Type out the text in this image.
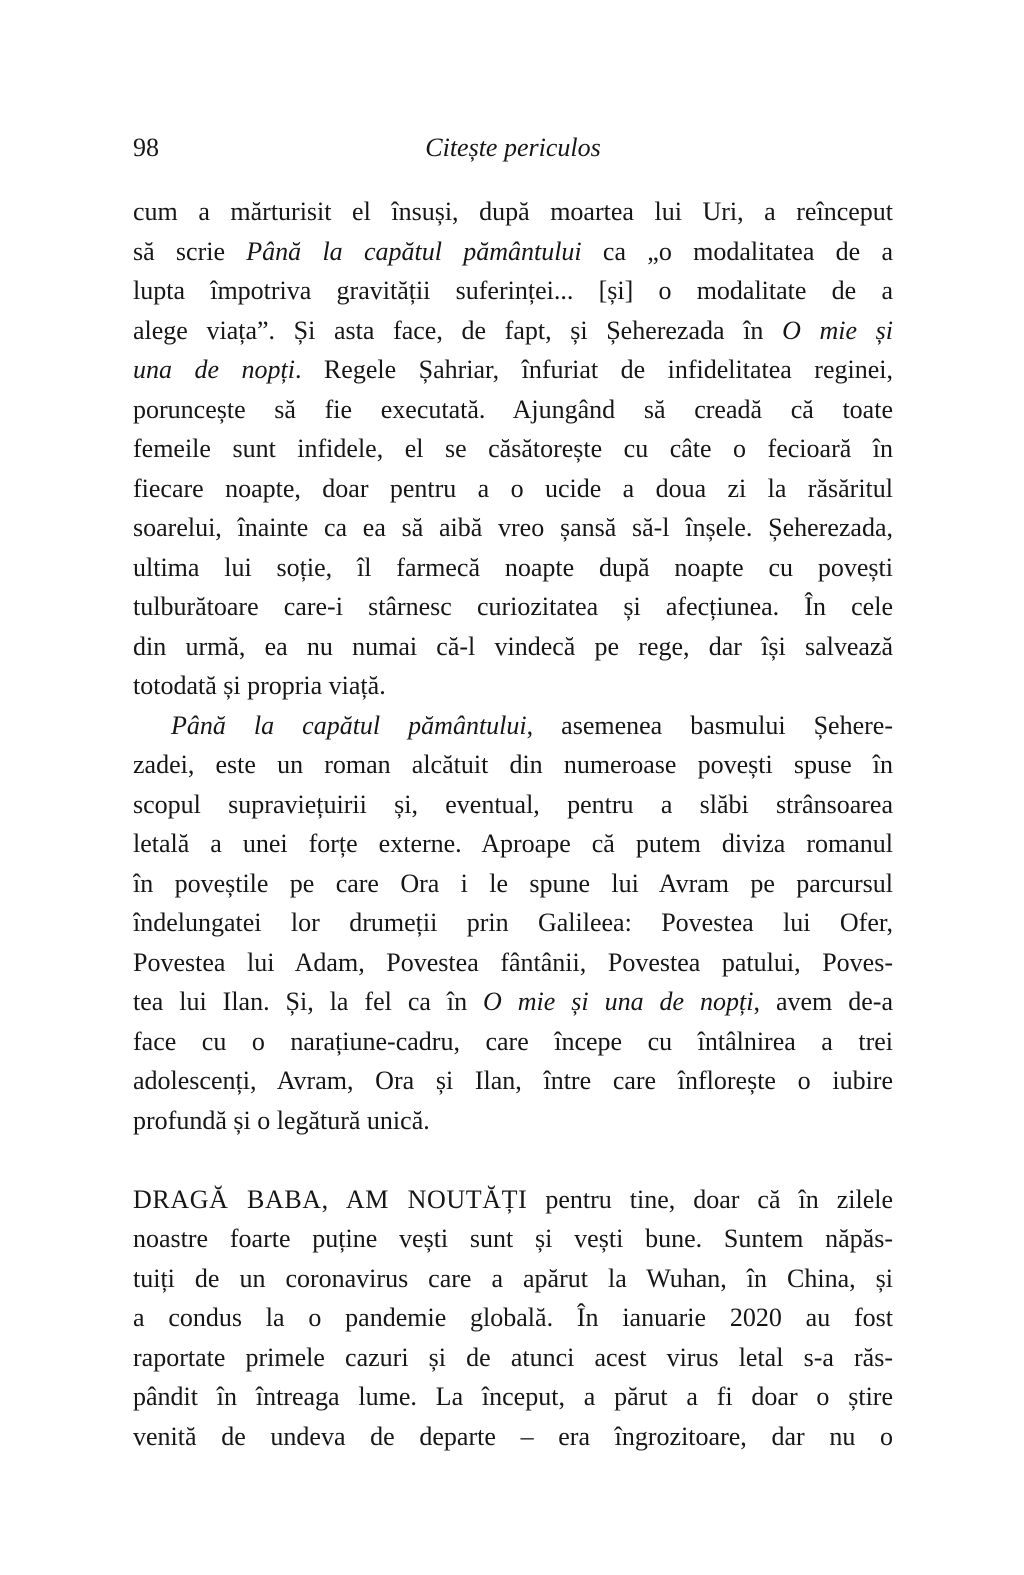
98	Citește periculos
cum a mărturisit el însuși, după moartea lui Uri, a reînceput
să scrie Până la capătul pământului ca „o modalitatea de a
lupta împotriva gravității suferinței... [și] o modalitate de a
alege viața”. Și asta face, de fapt, și Șeherezada în O mie și
una de nopți. Regele Șahriar, înfuriat de infidelitatea reginei,
poruncește să fie executată. Ajungând să creadă că toate
femeile sunt infidele, el se căsătorește cu câte o fecioară în
fiecare noapte, doar pentru a o ucide a doua zi la răsăritul
soarelui, înainte ca ea să aibă vreo șansă să-l înșele. Șeherezada,
ultima lui soție, îl farmecă noapte după noapte cu povești
tulburătoare care-i stârnesc curiozitatea și afecțiunea. În cele
din urmă, ea nu numai că-l vindecă pe rege, dar își salvează
totodată și propria viață.
Până la capătul pământului, asemenea basmului Șehere-
zadei, este un roman alcătuit din numeroase povești spuse în
scopul supraviețuirii și, eventual, pentru a slăbi strânsoarea
letală a unei forțe externe. Aproape că putem diviza romanul
în poveștile pe care Ora i le spune lui Avram pe parcursul
îndelungatei lor drumeții prin Galileea: Povestea lui Ofer,
Povestea lui Adam, Povestea fântânii, Povestea patului, Poves-
tea lui Ilan. Și, la fel ca în O mie și una de nopți, avem de-a
face cu o narațiune-cadru, care începe cu întâlnirea a trei
adolescenți, Avram, Ora și Ilan, între care înflorește o iubire
profundă și o legătură unică.
DRAGĂ BABA, AM NOUTĂȚI pentru tine, doar că în zilele
noastre foarte puține vești sunt și vești bune. Suntem năpăs-
tuiți de un coronavirus care a apărut la Wuhan, în China, și
a condus la o pandemie globală. În ianuarie 2020 au fost
raportate primele cazuri și de atunci acest virus letal s-a răs-
pândit în întreaga lume. La început, a părut a fi doar o știre
venită de undeva de departe – era îngrozitoare, dar nu o
